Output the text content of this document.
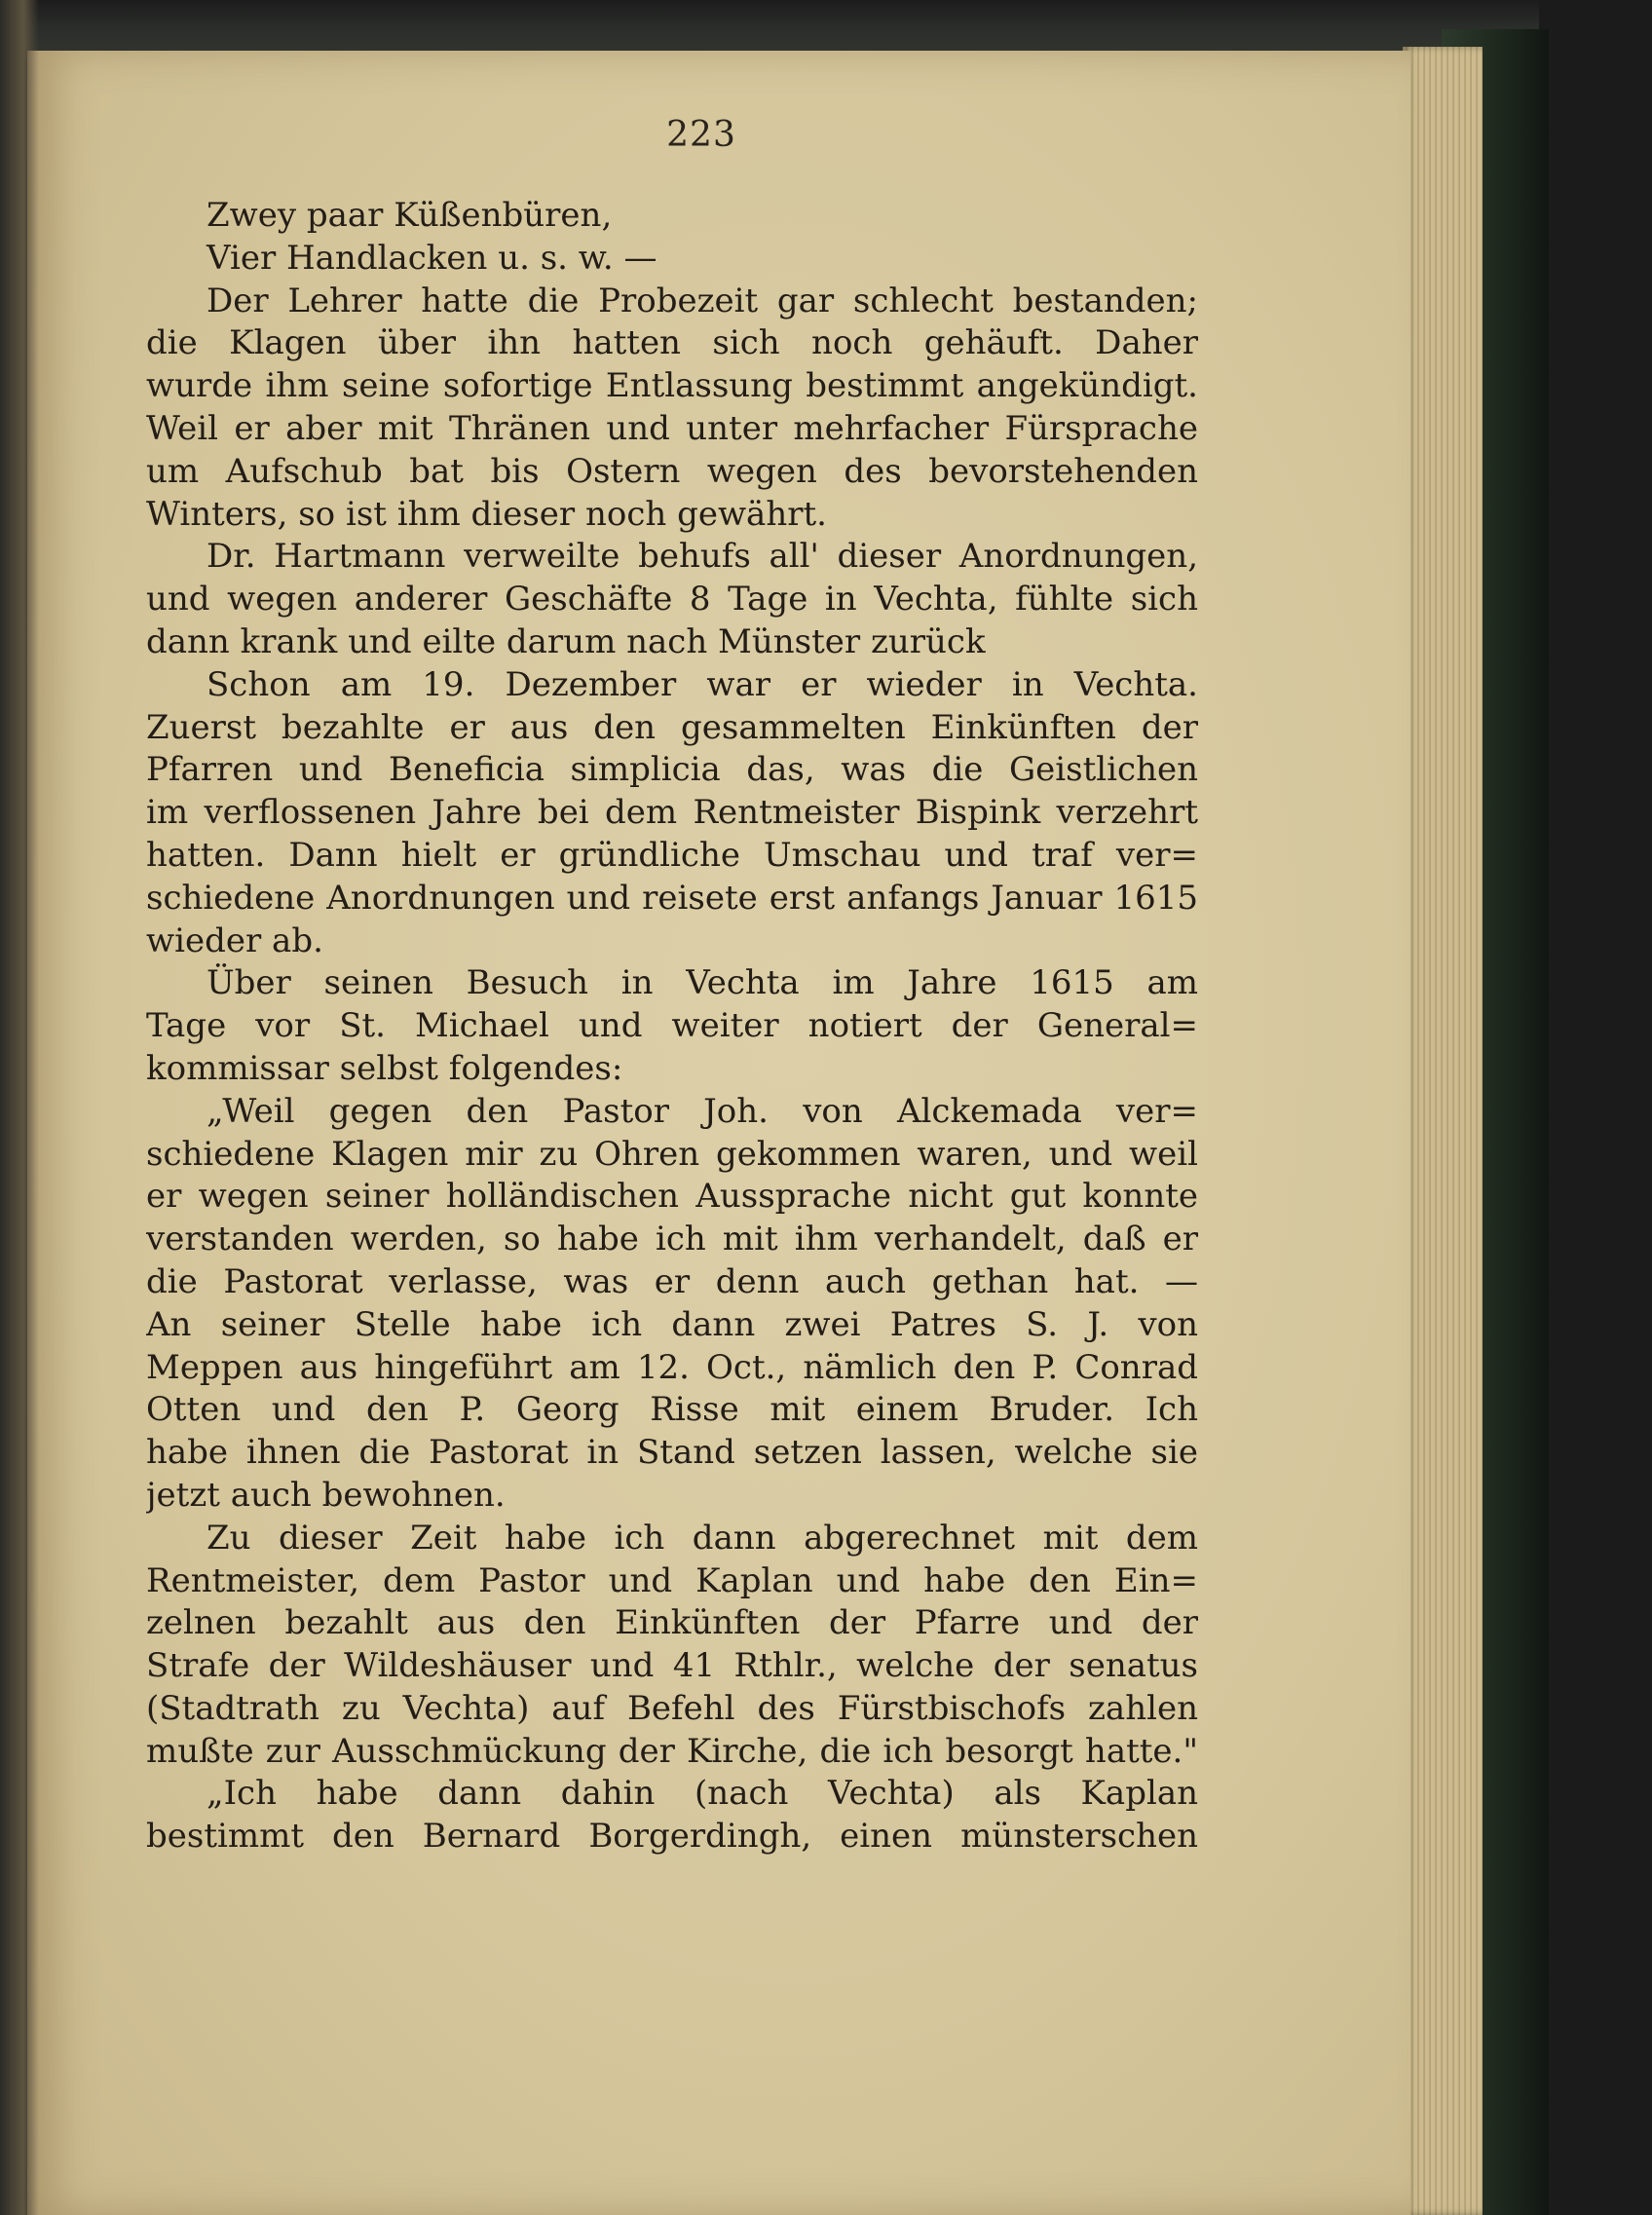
223
Zwey paar Küßenbüren,
Vier Handlacken u. s. w. —
Der Lehrer hatte die Probezeit gar schlecht bestanden;
die Klagen über ihn hatten sich noch gehäuft. Daher
wurde ihm seine sofortige Entlassung bestimmt angekündigt.
Weil er aber mit Thränen und unter mehrfacher Fürsprache
um Aufschub bat bis Ostern wegen des bevorstehenden
Winters, so ist ihm dieser noch gewährt.
Dr. Hartmann verweilte behufs all' dieser Anordnungen,
und wegen anderer Geschäfte 8 Tage in Vechta, fühlte sich
dann krank und eilte darum nach Münster zurück
Schon am 19. Dezember war er wieder in Vechta.
Zuerst bezahlte er aus den gesammelten Einkünften der
Pfarren und Beneficia simplicia das, was die Geistlichen
im verflossenen Jahre bei dem Rentmeister Bispink verzehrt
hatten. Dann hielt er gründliche Umschau und traf ver=
schiedene Anordnungen und reisete erst anfangs Januar 1615
wieder ab.
Über seinen Besuch in Vechta im Jahre 1615 am
Tage vor St. Michael und weiter notiert der General=
kommissar selbst folgendes:
„Weil gegen den Pastor Joh. von Alckemada ver=
schiedene Klagen mir zu Ohren gekommen waren, und weil
er wegen seiner holländischen Aussprache nicht gut konnte
verstanden werden, so habe ich mit ihm verhandelt, daß er
die Pastorat verlasse, was er denn auch gethan hat. —
An seiner Stelle habe ich dann zwei Patres S. J. von
Meppen aus hingeführt am 12. Oct., nämlich den P. Conrad
Otten und den P. Georg Risse mit einem Bruder. Ich
habe ihnen die Pastorat in Stand setzen lassen, welche sie
jetzt auch bewohnen.
Zu dieser Zeit habe ich dann abgerechnet mit dem
Rentmeister, dem Pastor und Kaplan und habe den Ein=
zelnen bezahlt aus den Einkünften der Pfarre und der
Strafe der Wildeshäuser und 41 Rthlr., welche der senatus
(Stadtrath zu Vechta) auf Befehl des Fürstbischofs zahlen
mußte zur Ausschmückung der Kirche, die ich besorgt hatte."
„Ich habe dann dahin (nach Vechta) als Kaplan
bestimmt den Bernard Borgerdingh, einen münsterschen
